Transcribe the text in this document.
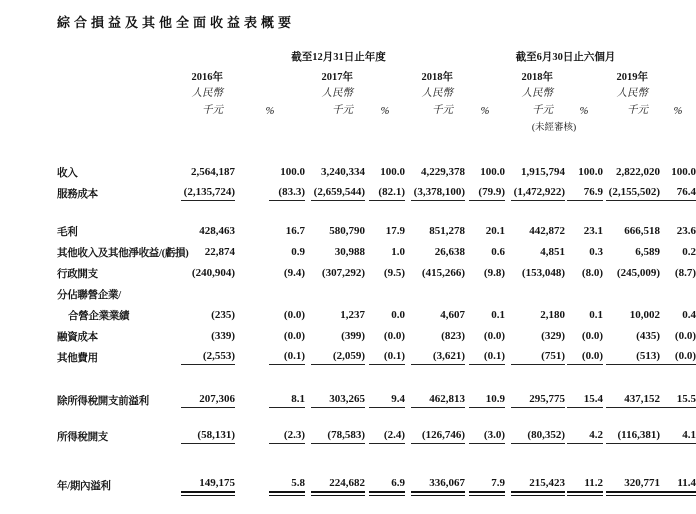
綜合損益及其他全面收益表概要
	截至12月31日止年度						截至6月30日止六個月			
	2016年		2017年		2018年		2018年		2019年	
	人民幣		人民幣		人民幣		人民幣		人民幣	
	千元	%	千元	%	千元	%	千元	%	千元	%
							(未經審核)			

收入	2,564,187	100.0	3,240,334	100.0	4,229,378	100.0	1,915,794	100.0	2,822,020	100.0
服務成本	(2,135,724)	(83.3)	(2,659,544)	(82.1)	(3,378,100)	(79.9)	(1,472,922)	76.9	(2,155,502)	76.4

毛利	428,463	16.7	580,790	17.9	851,278	20.1	442,872	23.1	666,518	23.6
其他收入及其他淨收益/(虧損)	22,874	0.9	30,988	1.0	26,638	0.6	4,851	0.3	6,589	0.2
行政開支	(240,904)	(9.4)	(307,292)	(9.5)	(415,266)	(9.8)	(153,048)	(8.0)	(245,009)	(8.7)
分佔聯營企業/										
合營企業業績	(235)	(0.0)	1,237	0.0	4,607	0.1	2,180	0.1	10,002	0.4
融資成本	(339)	(0.0)	(399)	(0.0)	(823)	(0.0)	(329)	(0.0)	(435)	(0.0)
其他費用	(2,553)	(0.1)	(2,059)	(0.1)	(3,621)	(0.1)	(751)	(0.0)	(513)	(0.0)

除所得稅開支前溢利	207,306	8.1	303,265	9.4	462,813	10.9	295,775	15.4	437,152	15.5

所得稅開支	(58,131)	(2.3)	(78,583)	(2.4)	(126,746)	(3.0)	(80,352)	4.2	(116,381)	4.1

年/期內溢利	149,175	5.8	224,682	6.9	336,067	7.9	215,423	11.2	320,771	11.4
